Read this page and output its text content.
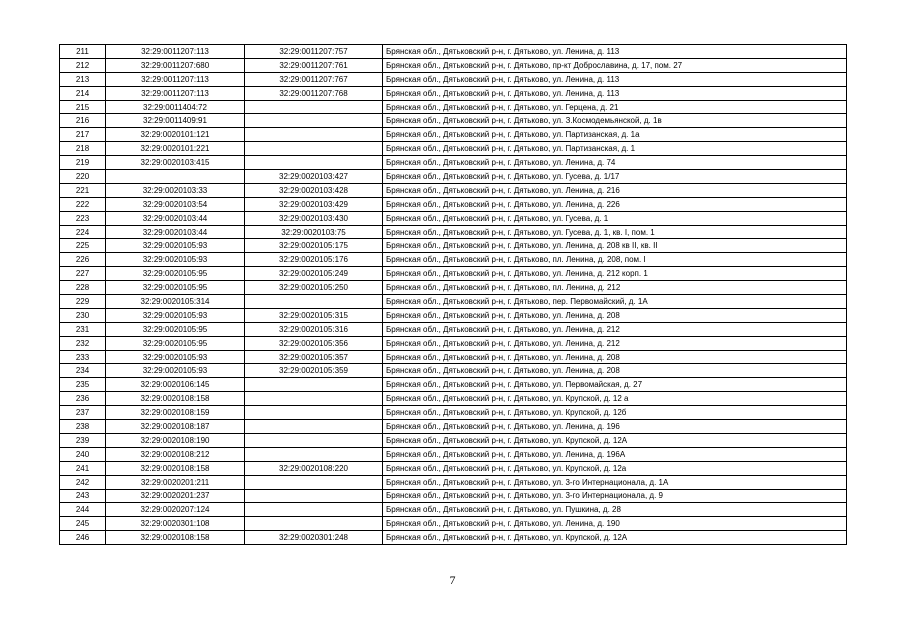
211	32:29:0011207:113	32:29:0011207:757	Брянская обл., Дятьковский р-н, г. Дятьково, ул. Ленина, д. 113
212	32:29:0011207:680	32:29:0011207:761	Брянская обл., Дятьковский р-н, г. Дятьково, пр-кт Доброславина, д. 17, пом. 27
213	32:29:0011207:113	32:29:0011207:767	Брянская обл., Дятьковский р-н, г. Дятьково, ул. Ленина, д. 113
214	32:29:0011207:113	32:29:0011207:768	Брянская обл., Дятьковский р-н, г. Дятьково, ул. Ленина, д. 113
215	32:29:0011404:72		Брянская обл., Дятьковский р-н, г. Дятьково, ул. Герцена, д. 21
216	32:29:0011409:91		Брянская обл., Дятьковский р-н, г. Дятьково, ул. З.Космодемьянской, д. 1в
217	32:29:0020101:121		Брянская обл., Дятьковский р-н, г. Дятьково, ул. Партизанская, д. 1а
218	32:29:0020101:221		Брянская обл., Дятьковский р-н, г. Дятьково, ул. Партизанская, д. 1
219	32:29:0020103:415		Брянская обл., Дятьковский р-н, г. Дятьково, ул. Ленина, д. 74
220		32:29:0020103:427	Брянская обл., Дятьковский р-н, г. Дятьково, ул. Гусева, д. 1/17
221	32:29:0020103:33	32:29:0020103:428	Брянская обл., Дятьковский р-н, г. Дятьково, ул. Ленина, д. 216
222	32:29:0020103:54	32:29:0020103:429	Брянская обл., Дятьковский р-н, г. Дятьково, ул. Ленина, д. 226
223	32:29:0020103:44	32:29:0020103:430	Брянская обл., Дятьковский р-н, г. Дятьково, ул. Гусева, д. 1
224	32:29:0020103:44	32:29:0020103:75	Брянская обл., Дятьковский р-н, г. Дятьково, ул. Гусева, д. 1, кв. I, пом. 1
225	32:29:0020105:93	32:29:0020105:175	Брянская обл., Дятьковский р-н, г. Дятьково, ул. Ленина, д. 208 кв II, кв. II
226	32:29:0020105:93	32:29:0020105:176	Брянская обл., Дятьковский р-н, г. Дятьково, пл. Ленина, д. 208, пом. I
227	32:29:0020105:95	32:29:0020105:249	Брянская обл., Дятьковский р-н, г. Дятьково, ул. Ленина, д. 212 корп. 1
228	32:29:0020105:95	32:29:0020105:250	Брянская обл., Дятьковский р-н, г. Дятьково, пл. Ленина, д. 212
229	32:29:0020105:314		Брянская обл., Дятьковский р-н, г. Дятьково, пер. Первомайский, д. 1А
230	32:29:0020105:93	32:29:0020105:315	Брянская обл., Дятьковский р-н, г. Дятьково, ул. Ленина, д. 208
231	32:29:0020105:95	32:29:0020105:316	Брянская обл., Дятьковский р-н, г. Дятьково, ул. Ленина, д. 212
232	32:29:0020105:95	32:29:0020105:356	Брянская обл., Дятьковский р-н, г. Дятьково, ул. Ленина, д. 212
233	32:29:0020105:93	32:29:0020105:357	Брянская обл., Дятьковский р-н, г. Дятьково, ул. Ленина, д. 208
234	32:29:0020105:93	32:29:0020105:359	Брянская обл., Дятьковский р-н, г. Дятьково, ул. Ленина, д. 208
235	32:29:0020106:145		Брянская обл., Дятьковский р-н, г. Дятьково, ул. Первомайская, д. 27
236	32:29:0020108:158		Брянская обл., Дятьковский р-н, г. Дятьково, ул. Крупской, д. 12 а
237	32:29:0020108:159		Брянская обл., Дятьковский р-н, г. Дятьково, ул. Крупской, д. 12б
238	32:29:0020108:187		Брянская обл., Дятьковский р-н, г. Дятьково, ул. Ленина, д. 196
239	32:29:0020108:190		Брянская обл., Дятьковский р-н, г. Дятьково, ул. Крупской, д. 12А
240	32:29:0020108:212		Брянская обл., Дятьковский р-н, г. Дятьково, ул. Ленина, д. 196А
241	32:29:0020108:158	32:29:0020108:220	Брянская обл., Дятьковский р-н, г. Дятьково, ул. Крупской, д. 12а
242	32:29:0020201:211		Брянская обл., Дятьковский р-н, г. Дятьково, ул. 3-го Интернационала, д. 1А
243	32:29:0020201:237		Брянская обл., Дятьковский р-н, г. Дятьково, ул. 3-го Интернационала, д. 9
244	32:29:0020207:124		Брянская обл., Дятьковский р-н, г. Дятьково, ул. Пушкина, д. 28
245	32:29:0020301:108		Брянская обл., Дятьковский р-н, г. Дятьково, ул. Ленина, д. 190
246	32:29:0020108:158	32:29:0020301:248	Брянская обл., Дятьковский р-н, г. Дятьково, ул. Крупской, д. 12А
7
